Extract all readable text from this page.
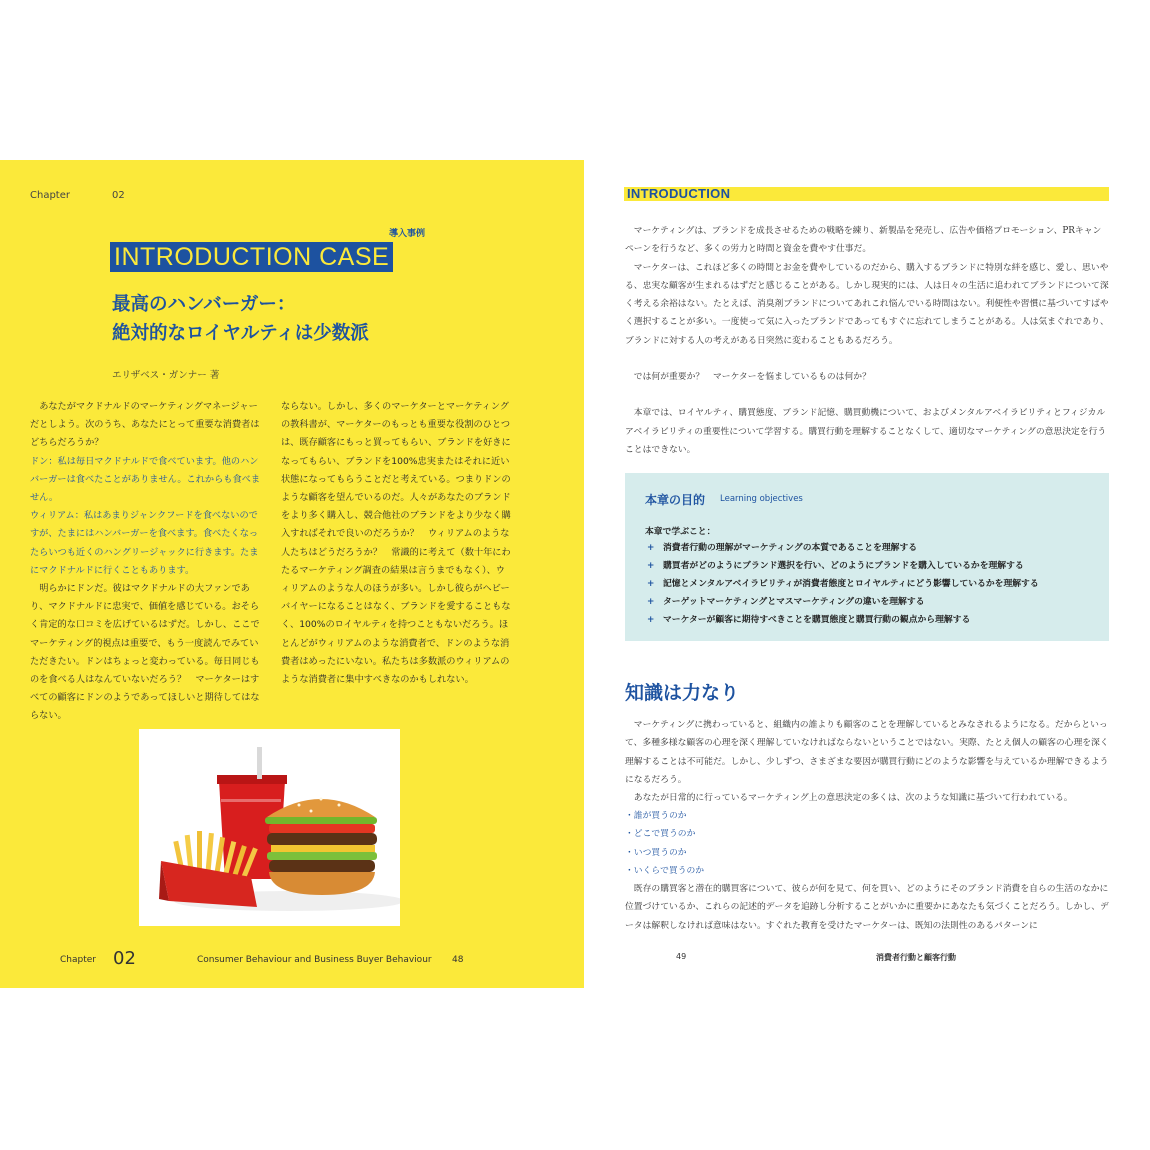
Chapter	02
導入事例
INTRODUCTION CASE
最高のハンバーガー：
絶対的なロイヤルティは少数派
エリザベス・ガンナー 著

あなたがマクドナルドのマーケティングマネージャーだとしよう。次のうち、あなたにとって重要な消費者はどちらだろうか？

ドン：私は毎日マクドナルドで食べています。他のハンバーガーは食べたことがありません。これからも食べません。

ウィリアム：私はあまりジャンクフードを食べないのですが、たまにはハンバーガーを食べます。食べたくなったらいつも近くのハングリージャックに行きます。たまにマクドナルドに行くこともあります。

明らかにドンだ。彼はマクドナルドの大ファンであり、マクドナルドに忠実で、価値を感じている。おそらく肯定的な口コミを広げているはずだ。しかし、ここでマーケティング的視点は重要で、もう一度読んでみていただきたい。ドンはちょっと変わっている。毎日同じものを食べる人はなんていないだろう？　マーケターはすべての顧客にドンのようであってほしいと期待してはならない。

ならない。しかし、多くのマーケターとマーケティングの教科書が、マーケターのもっとも重要な役割のひとつは、既存顧客にもっと買ってもらい、ブランドを好きになってもらい、ブランドを100%忠実またはそれに近い状態になってもらうことだと考えている。つまりドンのような顧客を望んでいるのだ。人々があなたのブランドをより多く購入し、競合他社のブランドをより少なく購入すればそれで良いのだろうか？　ウィリアムのような人たちはどうだろうか？　常識的に考えて（数十年にわたるマーケティング調査の結果は言うまでもなく）、ウィリアムのような人のほうが多い。しかし彼らがヘビーバイヤーになることはなく、ブランドを愛することもなく、100%のロイヤルティを持つこともないだろう。ほとんどがウィリアムのような消費者で、ドンのような消費者はめったにいない。私たちは多数派のウィリアムのような消費者に集中すべきなのかもしれない。

Chapter 02	Consumer Behaviour and Business Buyer Behaviour 48
INTRODUCTION

マーケティングは、ブランドを成長させるための戦略を練り、新製品を発売し、広告や価格プロモーション、PRキャンペーンを行うなど、多くの労力と時間と資金を費やす仕事だ。

マーケターは、これほど多くの時間とお金を費やしているのだから、購入するブランドに特別な絆を感じ、愛し、思いやる、忠実な顧客が生まれるはずだと感じることがある。しかし現実的には、人は日々の生活に追われてブランドについて深く考える余裕はない。たとえば、消臭剤ブランドについてあれこれ悩んでいる時間はない。利便性や習慣に基づいてすばやく選択することが多い。一度使って気に入ったブランドであってもすぐに忘れてしまうことがある。人は気まぐれであり、ブランドに対する人の考えがある日突然に変わることもあるだろう。

では何が重要か？　マーケターを悩ましているものは何か？

本章では、ロイヤルティ、購買態度、ブランド記憶、購買動機について、およびメンタルアベイラビリティとフィジカルアベイラビリティの重要性について学習する。購買行動を理解することなくして、適切なマーケティングの意思決定を行うことはできない。

本章の目的 Learning objectives
本章で学ぶこと：
+ 消費者行動の理解がマーケティングの本質であることを理解する
+ 購買者がどのようにブランド選択を行い、どのようにブランドを購入しているかを理解する
+ 記憶とメンタルアベイラビリティが消費者態度とロイヤルティにどう影響しているかを理解する
+ ターゲットマーケティングとマスマーケティングの違いを理解する
+ マーケターが顧客に期待すべきことを購買態度と購買行動の観点から理解する
知識は力なり

マーケティングに携わっていると、組織内の誰よりも顧客のことを理解しているとみなされるようになる。だからといって、多種多様な顧客の心理を深く理解していなければならないということではない。実際、たとえ個人の顧客の心理を深く理解することは不可能だ。しかし、少しずつ、さまざまな要因が購買行動にどのような影響を与えているか理解できるようになるだろう。

あなたが日常的に行っているマーケティング上の意思決定の多くは、次のような知識に基づいて行われている。

・誰が買うのか
・どこで買うのか
・いつ買うのか
・いくらで買うのか

既存の購買客と潜在的購買客について、彼らが何を見て、何を買い、どのようにそのブランド消費を自らの生活のなかに位置づけているか、これらの記述的データを追跡し分析することがいかに重要かにあなたも気づくことだろう。しかし、データは解釈しなければ意味はない。すぐれた教育を受けたマーケターは、既知の法則性のあるパターンに

49	消費者行動と顧客行動
